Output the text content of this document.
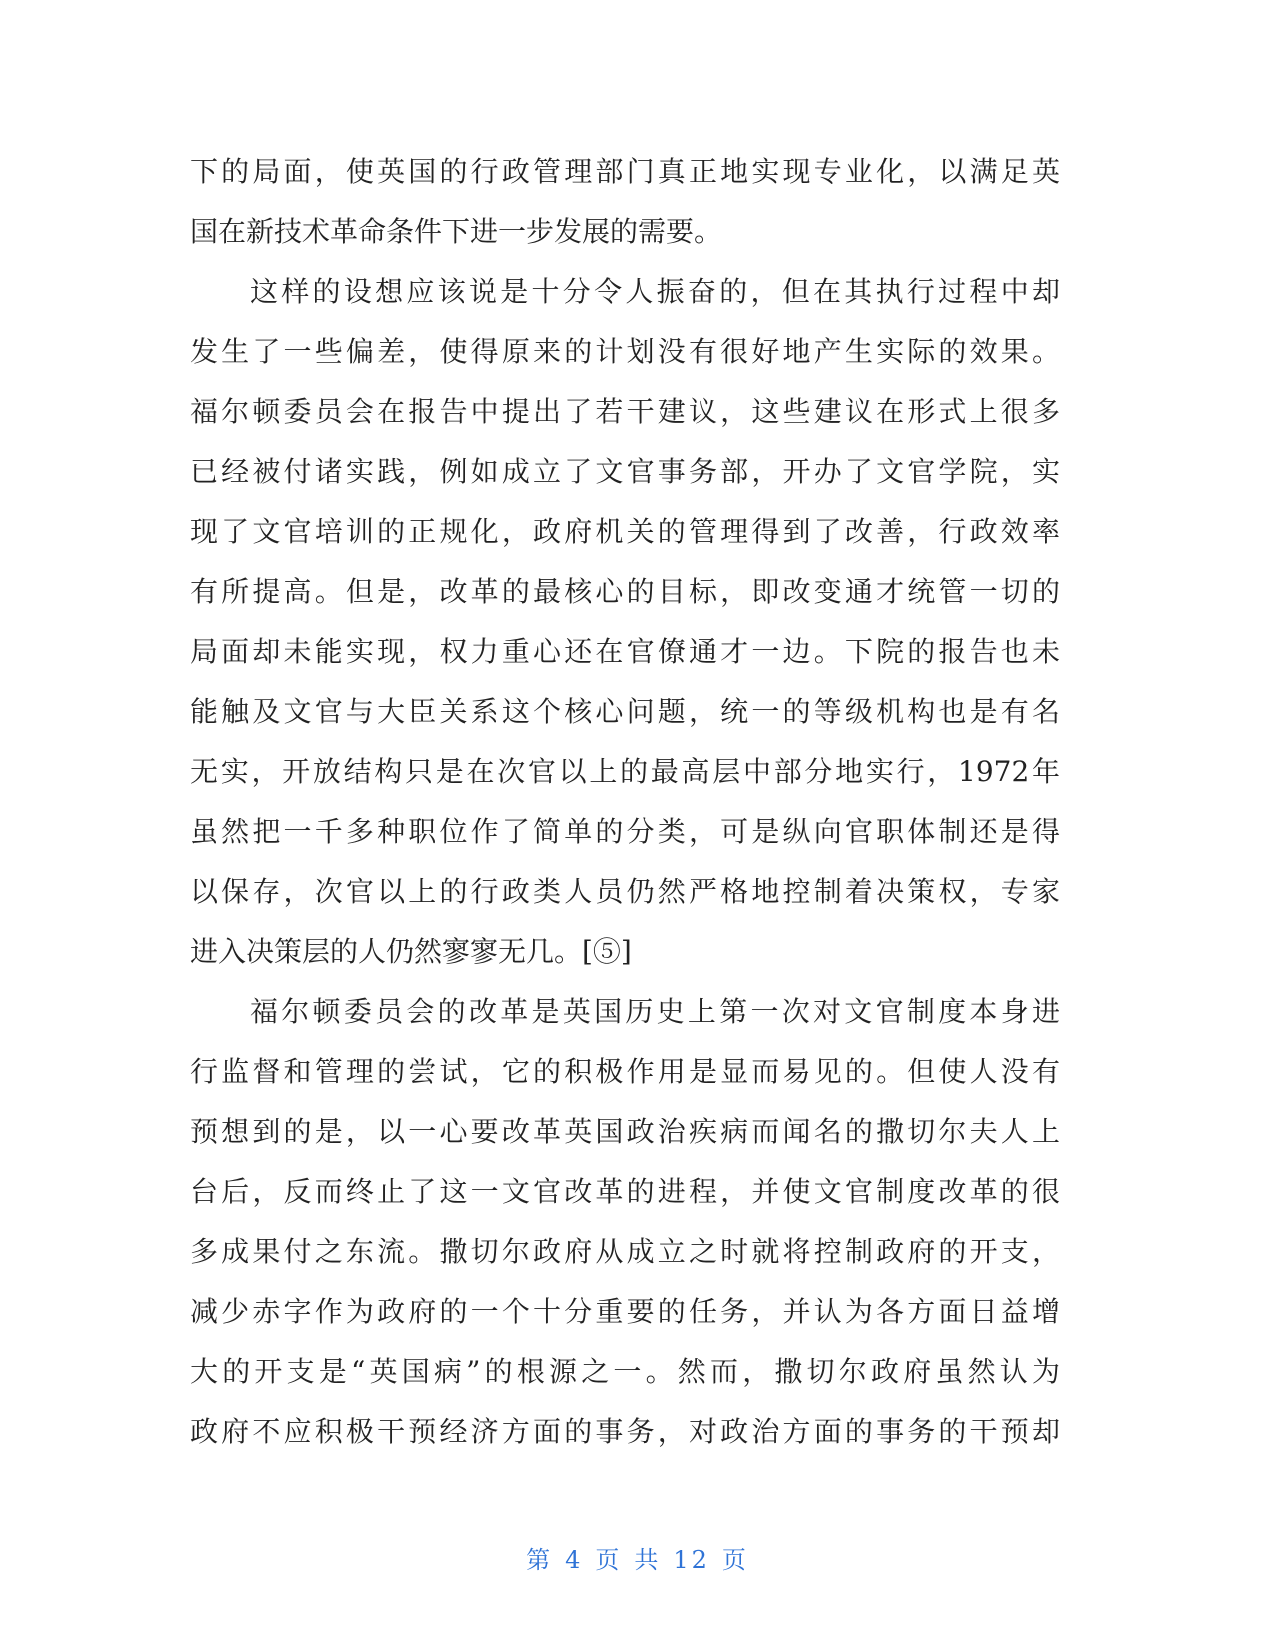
下的局面，使英国的行政管理部门真正地实现专业化，以满足英
国在新技术革命条件下进一步发展的需要。
这样的设想应该说是十分令人振奋的，但在其执行过程中却
发生了一些偏差，使得原来的计划没有很好地产生实际的效果。
福尔顿委员会在报告中提出了若干建议，这些建议在形式上很多
已经被付诸实践，例如成立了文官事务部，开办了文官学院，实
现了文官培训的正规化，政府机关的管理得到了改善，行政效率
有所提高。但是，改革的最核心的目标，即改变通才统管一切的
局面却未能实现，权力重心还在官僚通才一边。下院的报告也未
能触及文官与大臣关系这个核心问题，统一的等级机构也是有名
无实，开放结构只是在次官以上的最高层中部分地实行，1972年
虽然把一千多种职位作了简单的分类，可是纵向官职体制还是得
以保存，次官以上的行政类人员仍然严格地控制着决策权，专家
进入决策层的人仍然寥寥无几。[⑤]
福尔顿委员会的改革是英国历史上第一次对文官制度本身进
行监督和管理的尝试，它的积极作用是显而易见的。但使人没有
预想到的是，以一心要改革英国政治疾病而闻名的撒切尔夫人上
台后，反而终止了这一文官改革的进程，并使文官制度改革的很
多成果付之东流。撒切尔政府从成立之时就将控制政府的开支，
减少赤字作为政府的一个十分重要的任务，并认为各方面日益增
大的开支是“英国病”的根源之一。然而，撒切尔政府虽然认为
政府不应积极干预经济方面的事务，对政治方面的事务的干预却
第 4 页 共 12 页
